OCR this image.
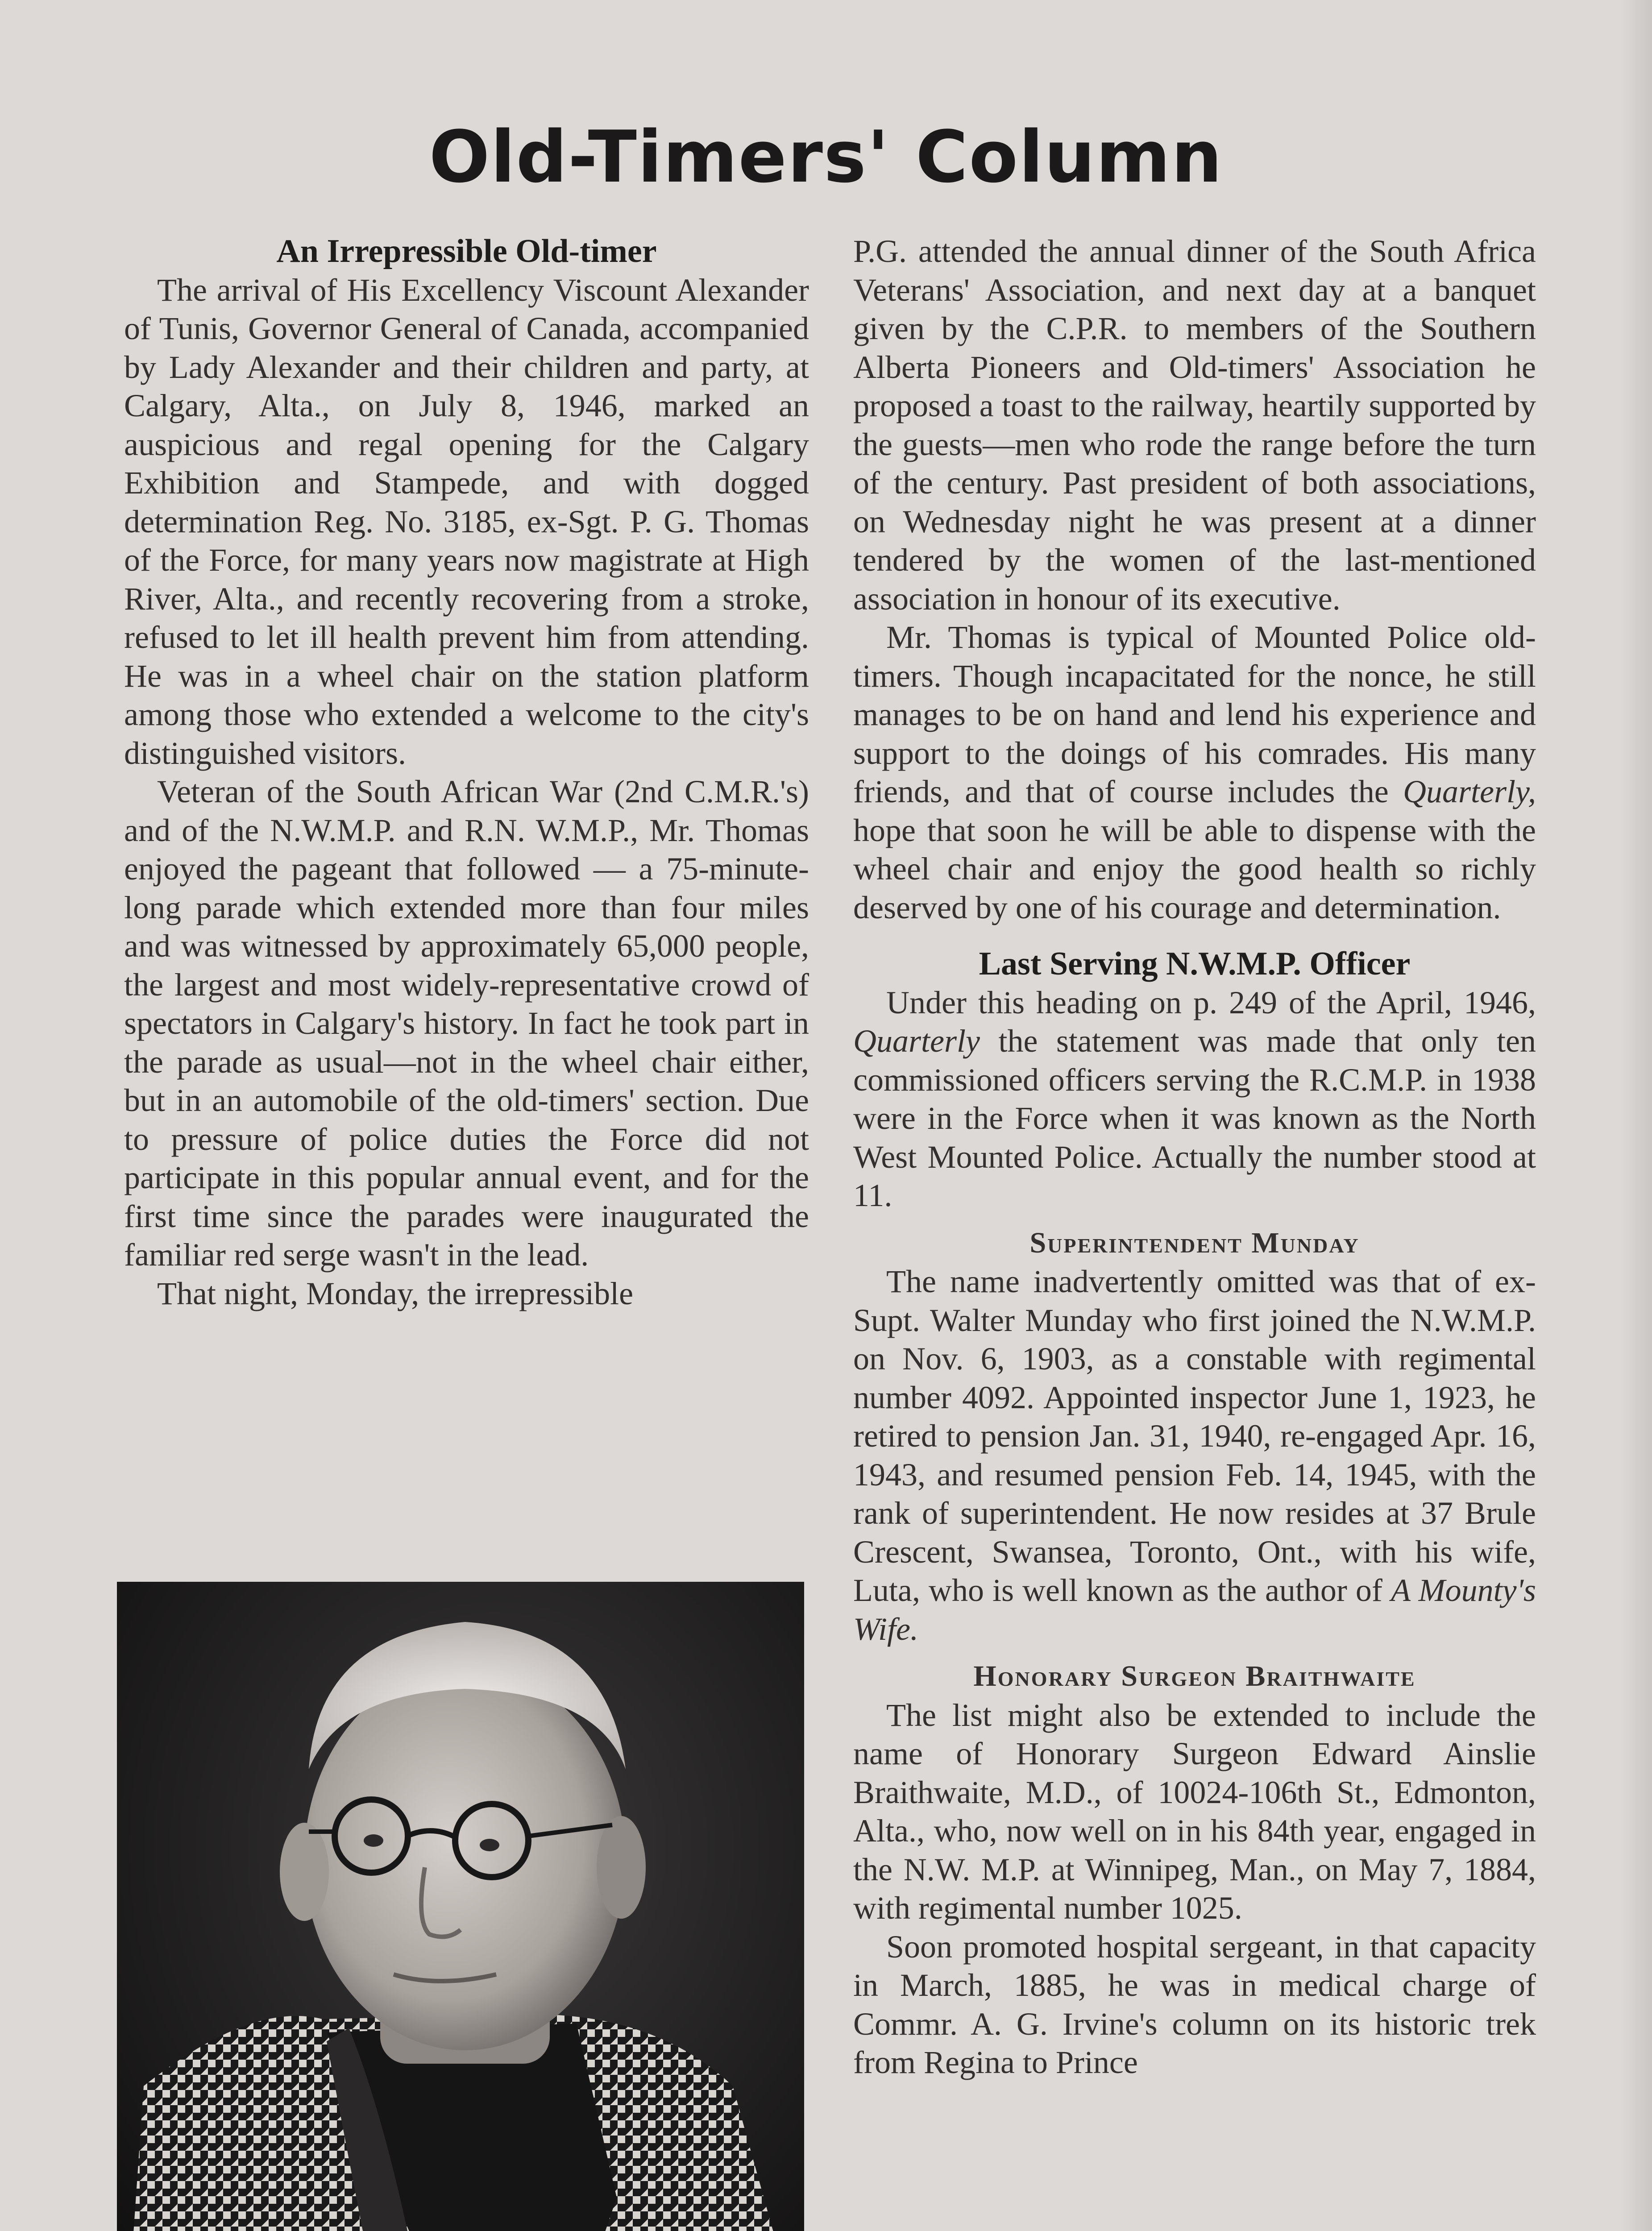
Old-Timers' Column
An Irrepressible Old-timer

The arrival of His Excellency Viscount Alexander of Tunis, Governor General of Canada, accompanied by Lady Alexander and their children and party, at Calgary, Alta., on July 8, 1946, marked an auspicious and regal opening for the Calgary Exhibition and Stampede, and with dogged determination Reg. No. 3185, ex-Sgt. P. G. Thomas of the Force, for many years now magistrate at High River, Alta., and recently recovering from a stroke, refused to let ill health prevent him from attending. He was in a wheel chair on the station platform among those who extended a welcome to the city's distinguished visitors.

Veteran of the South African War (2nd C.M.R.'s) and of the N.W.M.P. and R.N. W.M.P., Mr. Thomas enjoyed the pageant that followed — a 75-minute-long parade which extended more than four miles and was witnessed by approximately 65,000 people, the largest and most widely-representative crowd of spectators in Calgary's history. In fact he took part in the parade as usual—not in the wheel chair either, but in an automobile of the old-timers' section. Due to pressure of police duties the Force did not participate in this popular annual event, and for the first time since the parades were inaugurated the familiar red serge wasn't in the lead.

That night, Monday, the irrepressible

P.G. attended the annual dinner of the South Africa Veterans' Association, and next day at a banquet given by the C.P.R. to members of the Southern Alberta Pioneers and Old-timers' Association he proposed a toast to the railway, heartily supported by the guests—men who rode the range before the turn of the century. Past president of both associations, on Wednesday night he was present at a dinner tendered by the women of the last-mentioned association in honour of its executive.

Mr. Thomas is typical of Mounted Police old-timers. Though incapacitated for the nonce, he still manages to be on hand and lend his experience and support to the doings of his comrades. His many friends, and that of course includes the Quarterly, hope that soon he will be able to dispense with the wheel chair and enjoy the good health so richly deserved by one of his courage and determination.

Last Serving N.W.M.P. Officer

Under this heading on p. 249 of the April, 1946, Quarterly the statement was made that only ten commissioned officers serving the R.C.M.P. in 1938 were in the Force when it was known as the North West Mounted Police. Actually the number stood at 11.

Superintendent Munday

The name inadvertently omitted was that of ex-Supt. Walter Munday who first joined the N.W.M.P. on Nov. 6, 1903, as a constable with regimental number 4092. Appointed inspector June 1, 1923, he retired to pension Jan. 31, 1940, re-engaged Apr. 16, 1943, and resumed pension Feb. 14, 1945, with the rank of superintendent. He now resides at 37 Brule Crescent, Swansea, Toronto, Ont., with his wife, Luta, who is well known as the author of A Mounty's Wife.

Honorary Surgeon Braithwaite

The list might also be extended to include the name of Honorary Surgeon Edward Ainslie Braithwaite, M.D., of 10024-106th St., Edmonton, Alta., who, now well on in his 84th year, engaged in the N.W. M.P. at Winnipeg, Man., on May 7, 1884, with regimental number 1025.

Soon promoted hospital sergeant, in that capacity in March, 1885, he was in medical charge of Commr. A. G. Irvine's column on its historic trek from Regina to Prince
